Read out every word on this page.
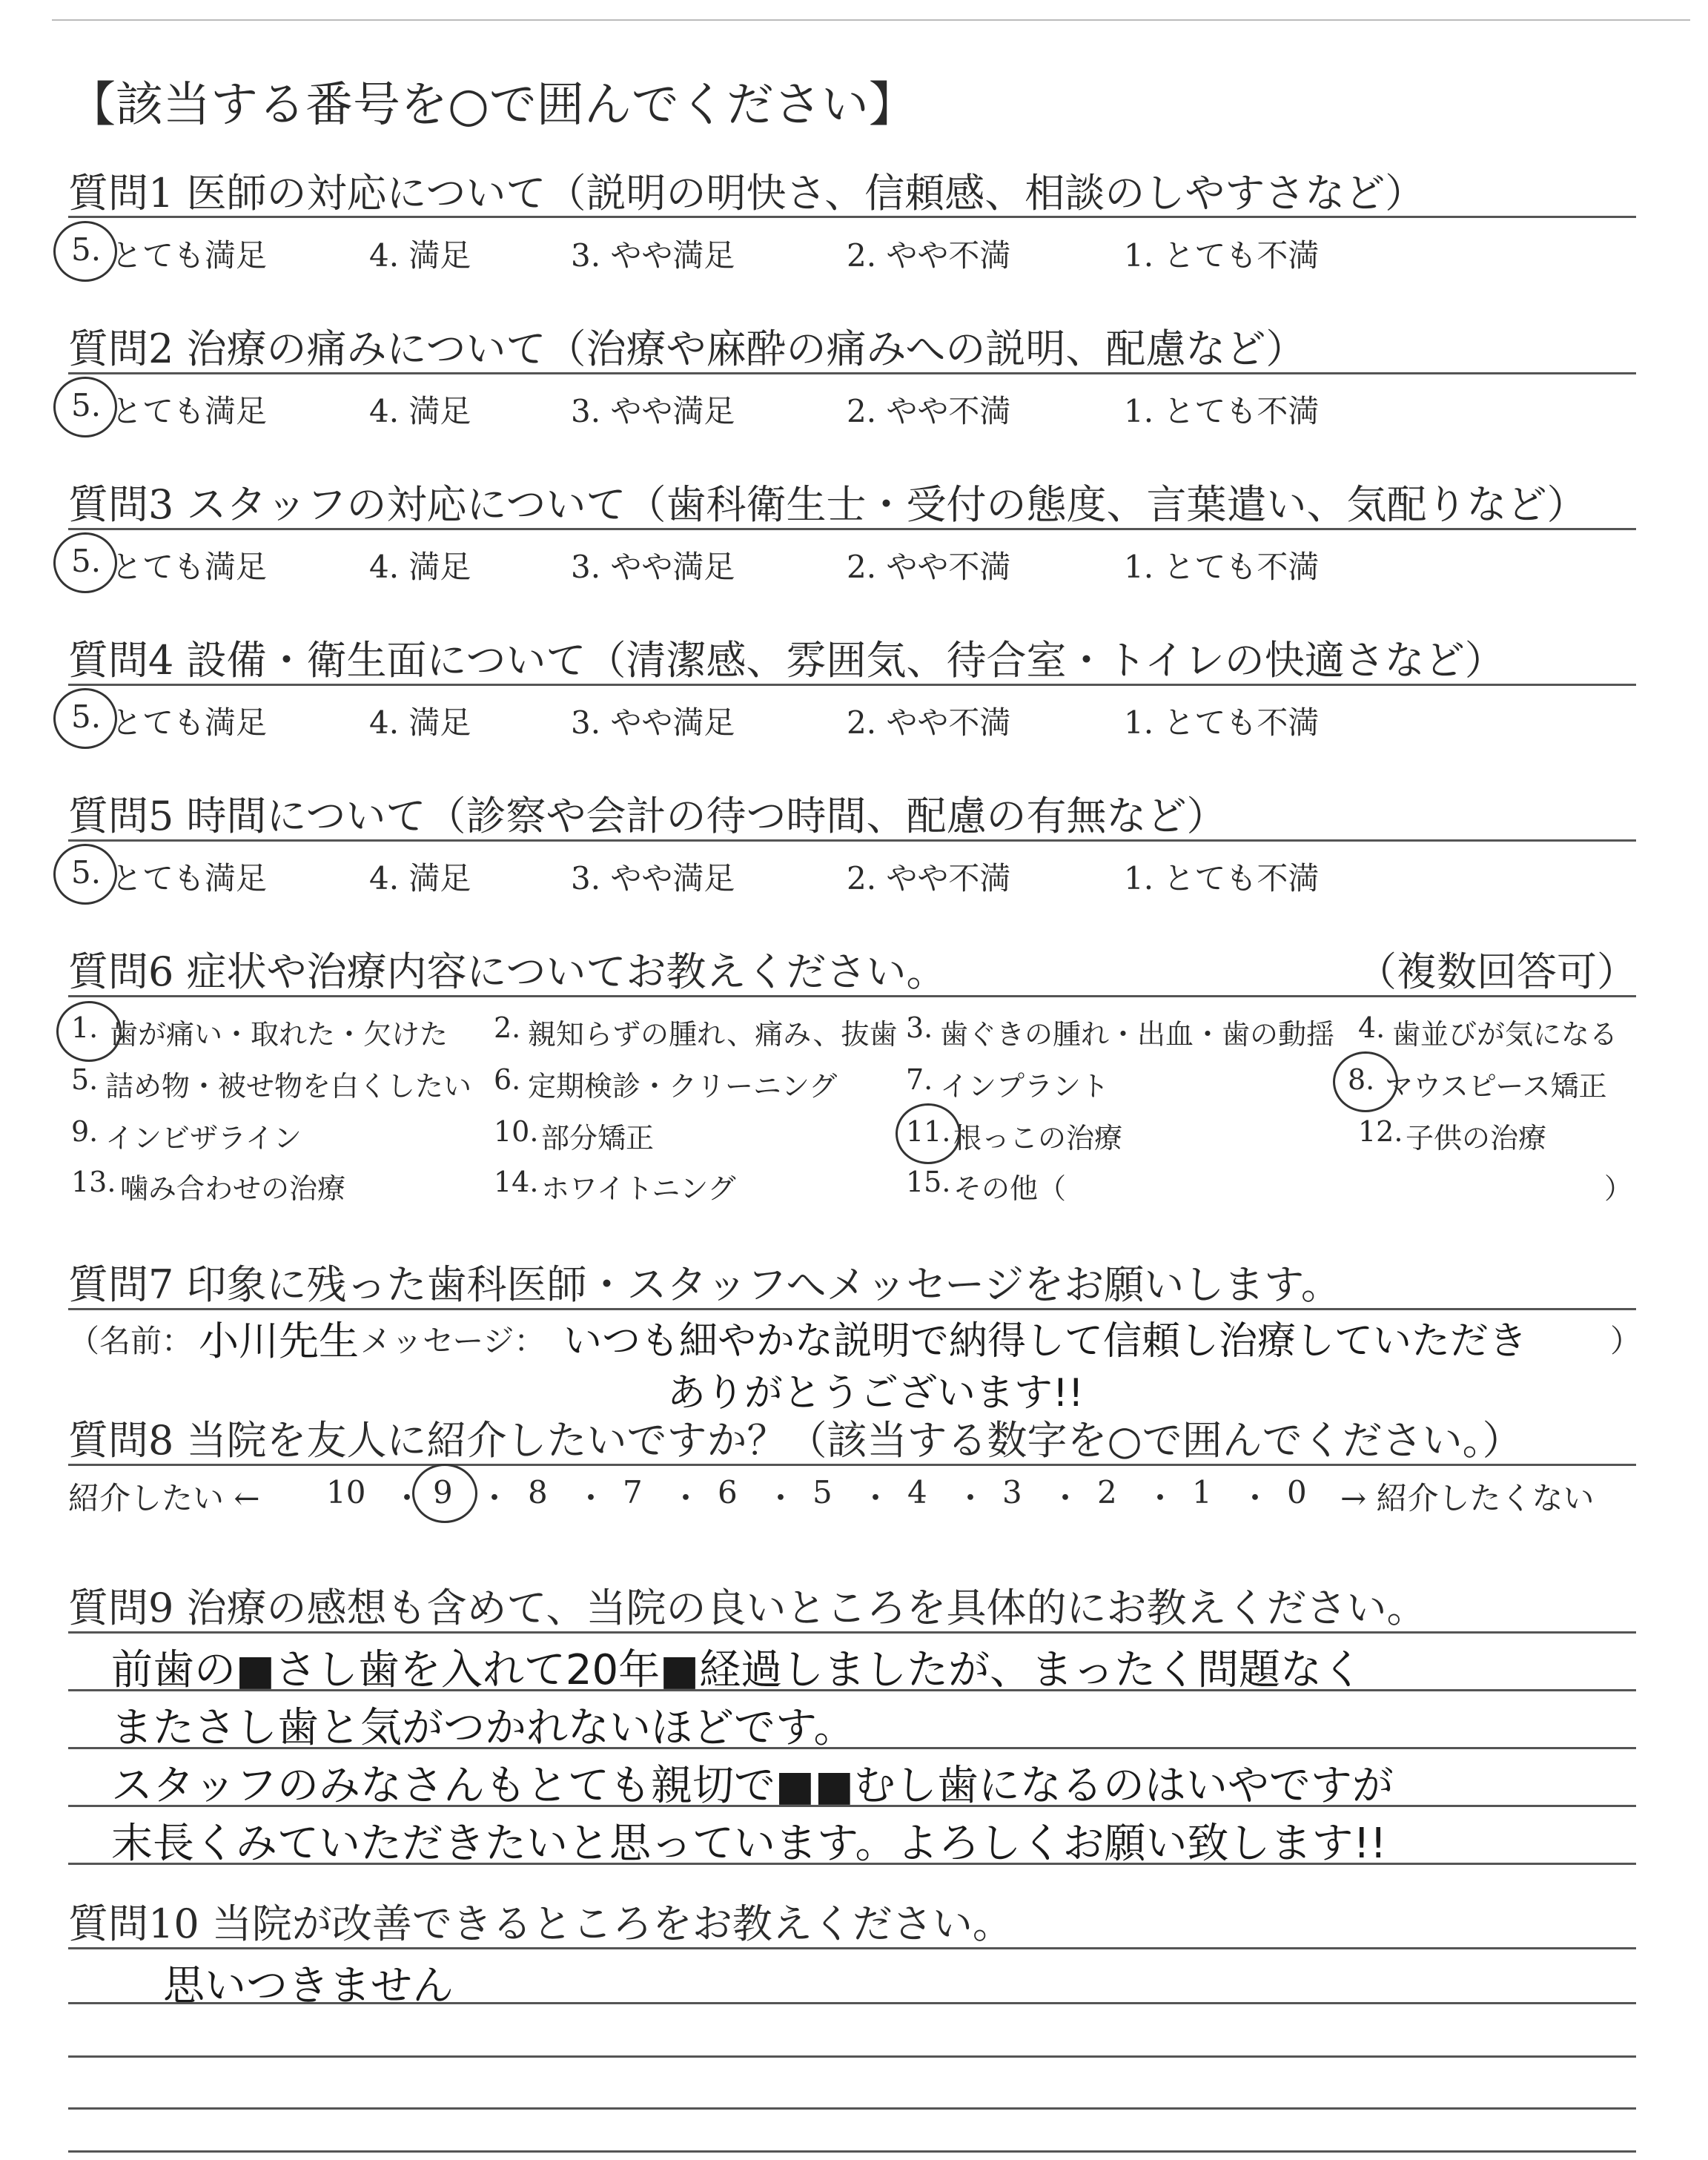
【該当する番号を○で囲んでください】
質問1 医師の対応について（説明の明快さ、信頼感、相談のしやすさなど）
5. とても満足	4. 満足	3. やや満足	2. やや不満	1. とても不満
質問2 治療の痛みについて（治療や麻酔の痛みへの説明、配慮など）
5. とても満足	4. 満足	3. やや満足	2. やや不満	1. とても不満
質問3 スタッフの対応について（歯科衛生士・受付の態度、言葉遣い、気配りなど）
5. とても満足	4. 満足	3. やや満足	2. やや不満	1. とても不満
質問4 設備・衛生面について（清潔感、雰囲気、待合室・トイレの快適さなど）
5. とても満足	4. 満足	3. やや満足	2. やや不満	1. とても不満
質問5 時間について（診察や会計の待つ時間、配慮の有無など）
5. とても満足	4. 満足	3. やや満足	2. やや不満	1. とても不満
質問6 症状や治療内容についてお教えください。	（複数回答可）
1. 歯が痛い・取れた・欠けた 2. 親知らずの腫れ、痛み、抜歯 3. 歯ぐきの腫れ・出血・歯の動揺 4. 歯並びが気になる
5. 詰め物・被せ物を白くしたい 6. 定期検診・クリーニング 7. インプラント	8. マウスピース矯正
9. インビザライン	10. 部分矯正	11. 根っこの治療	12. 子供の治療
13. 噛み合わせの治療	14. ホワイトニング	15. その他（	）
質問7 印象に残った歯科医師・スタッフへメッセージをお願いします。
（名前： 小川先生 メッセージ： いつも細やかな説明で納得して信頼し治療していただき	）
ありがとうございます!!
質問8 当院を友人に紹介したいですか？（該当する数字を○で囲んでください。）
紹介したい ← 10 ・ 9 ・ 8 ・ 7 ・ 6 ・ 5 ・ 4 ・ 3 ・ 2 ・ 1 ・ 0 → 紹介したくない
質問9 治療の感想も含めて、当院の良いところを具体的にお教えください。
前歯の■さし歯を入れて20年■経過しましたが、まったく問題なく
またさし歯と気がつかれないほどです。
スタッフのみなさんもとても親切で■■むし歯になるのはいやですが
末長くみていただきたいと思っています。よろしくお願い致します!!
質問10 当院が改善できるところをお教えください。
思いつきません
